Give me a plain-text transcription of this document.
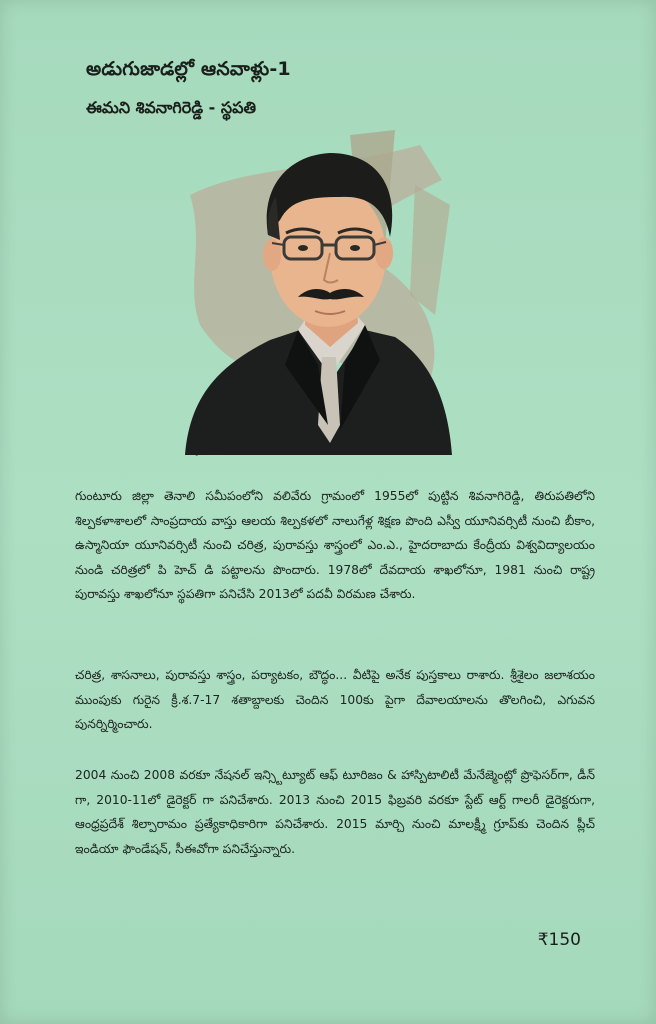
అడుగుజాడల్లో ఆనవాళ్లు-1
ఈమని శివనాగిరెడ్డి - స్థపతి
గుంటూరు జిల్లా తెనాలి సమీపంలోని వలివేరు గ్రామంలో 1955లో పుట్టిన శివనాగిరెడ్డి, తిరుపతిలోని శిల్పకళాశాలలో సాంప్రదాయ వాస్తు ఆలయ శిల్పకళలో నాలుగేళ్ల శిక్షణ పొంది ఎస్వీ యూనివర్సిటీ నుంచి బీకాం, ఉస్మానియా యూనివర్సిటీ నుంచి చరిత్ర, పురావస్తు శాస్త్రంలో ఎం.ఎ., హైదరాబాదు కేంద్రీయ విశ్వవిద్యాలయం నుండి చరిత్రలో పి హెచ్ డి పట్టాలను పొందారు. 1978లో దేవదాయ శాఖలోనూ, 1981 నుంచి రాష్ట్ర పురావస్తు శాఖలోనూ స్థపతిగా పనిచేసి 2013లో పదవీ విరమణ చేశారు.
చరిత్ర, శాసనాలు, పురావస్తు శాస్త్రం, పర్యాటకం, బౌద్ధం... వీటిపై అనేక పుస్తకాలు రాశారు. శ్రీశైలం జలాశయం ముంపుకు గురైన క్రీ.శ.7-17 శతాబ్దాలకు చెందిన 100కు పైగా దేవాలయాలను తొలగించి, ఎగువన పునర్నిర్మించారు.
2004 నుంచి 2008 వరకూ నేషనల్ ఇన్స్టిట్యూట్ ఆఫ్ టూరిజం & హాస్పిటాలిటీ మేనేజ్మెంట్లో ప్రొఫెసర్‌గా, డీన్ గా, 2010-11లో డైరెక్టర్ గా పనిచేశారు. 2013 నుంచి 2015 ఫిబ్రవరి వరకూ స్టేట్ ఆర్ట్ గాలరీ డైరెక్టరుగా, ఆంధ్రప్రదేశ్ శిల్పారామం ప్రత్యేకాధికారిగా పనిచేశారు. 2015 మార్చి నుంచి మాలక్ష్మీ గ్రూప్‌కు చెందిన ప్లీచ్ ఇండియా ఫౌండేషన్, సీఈవోగా పనిచేస్తున్నారు.
₹150
